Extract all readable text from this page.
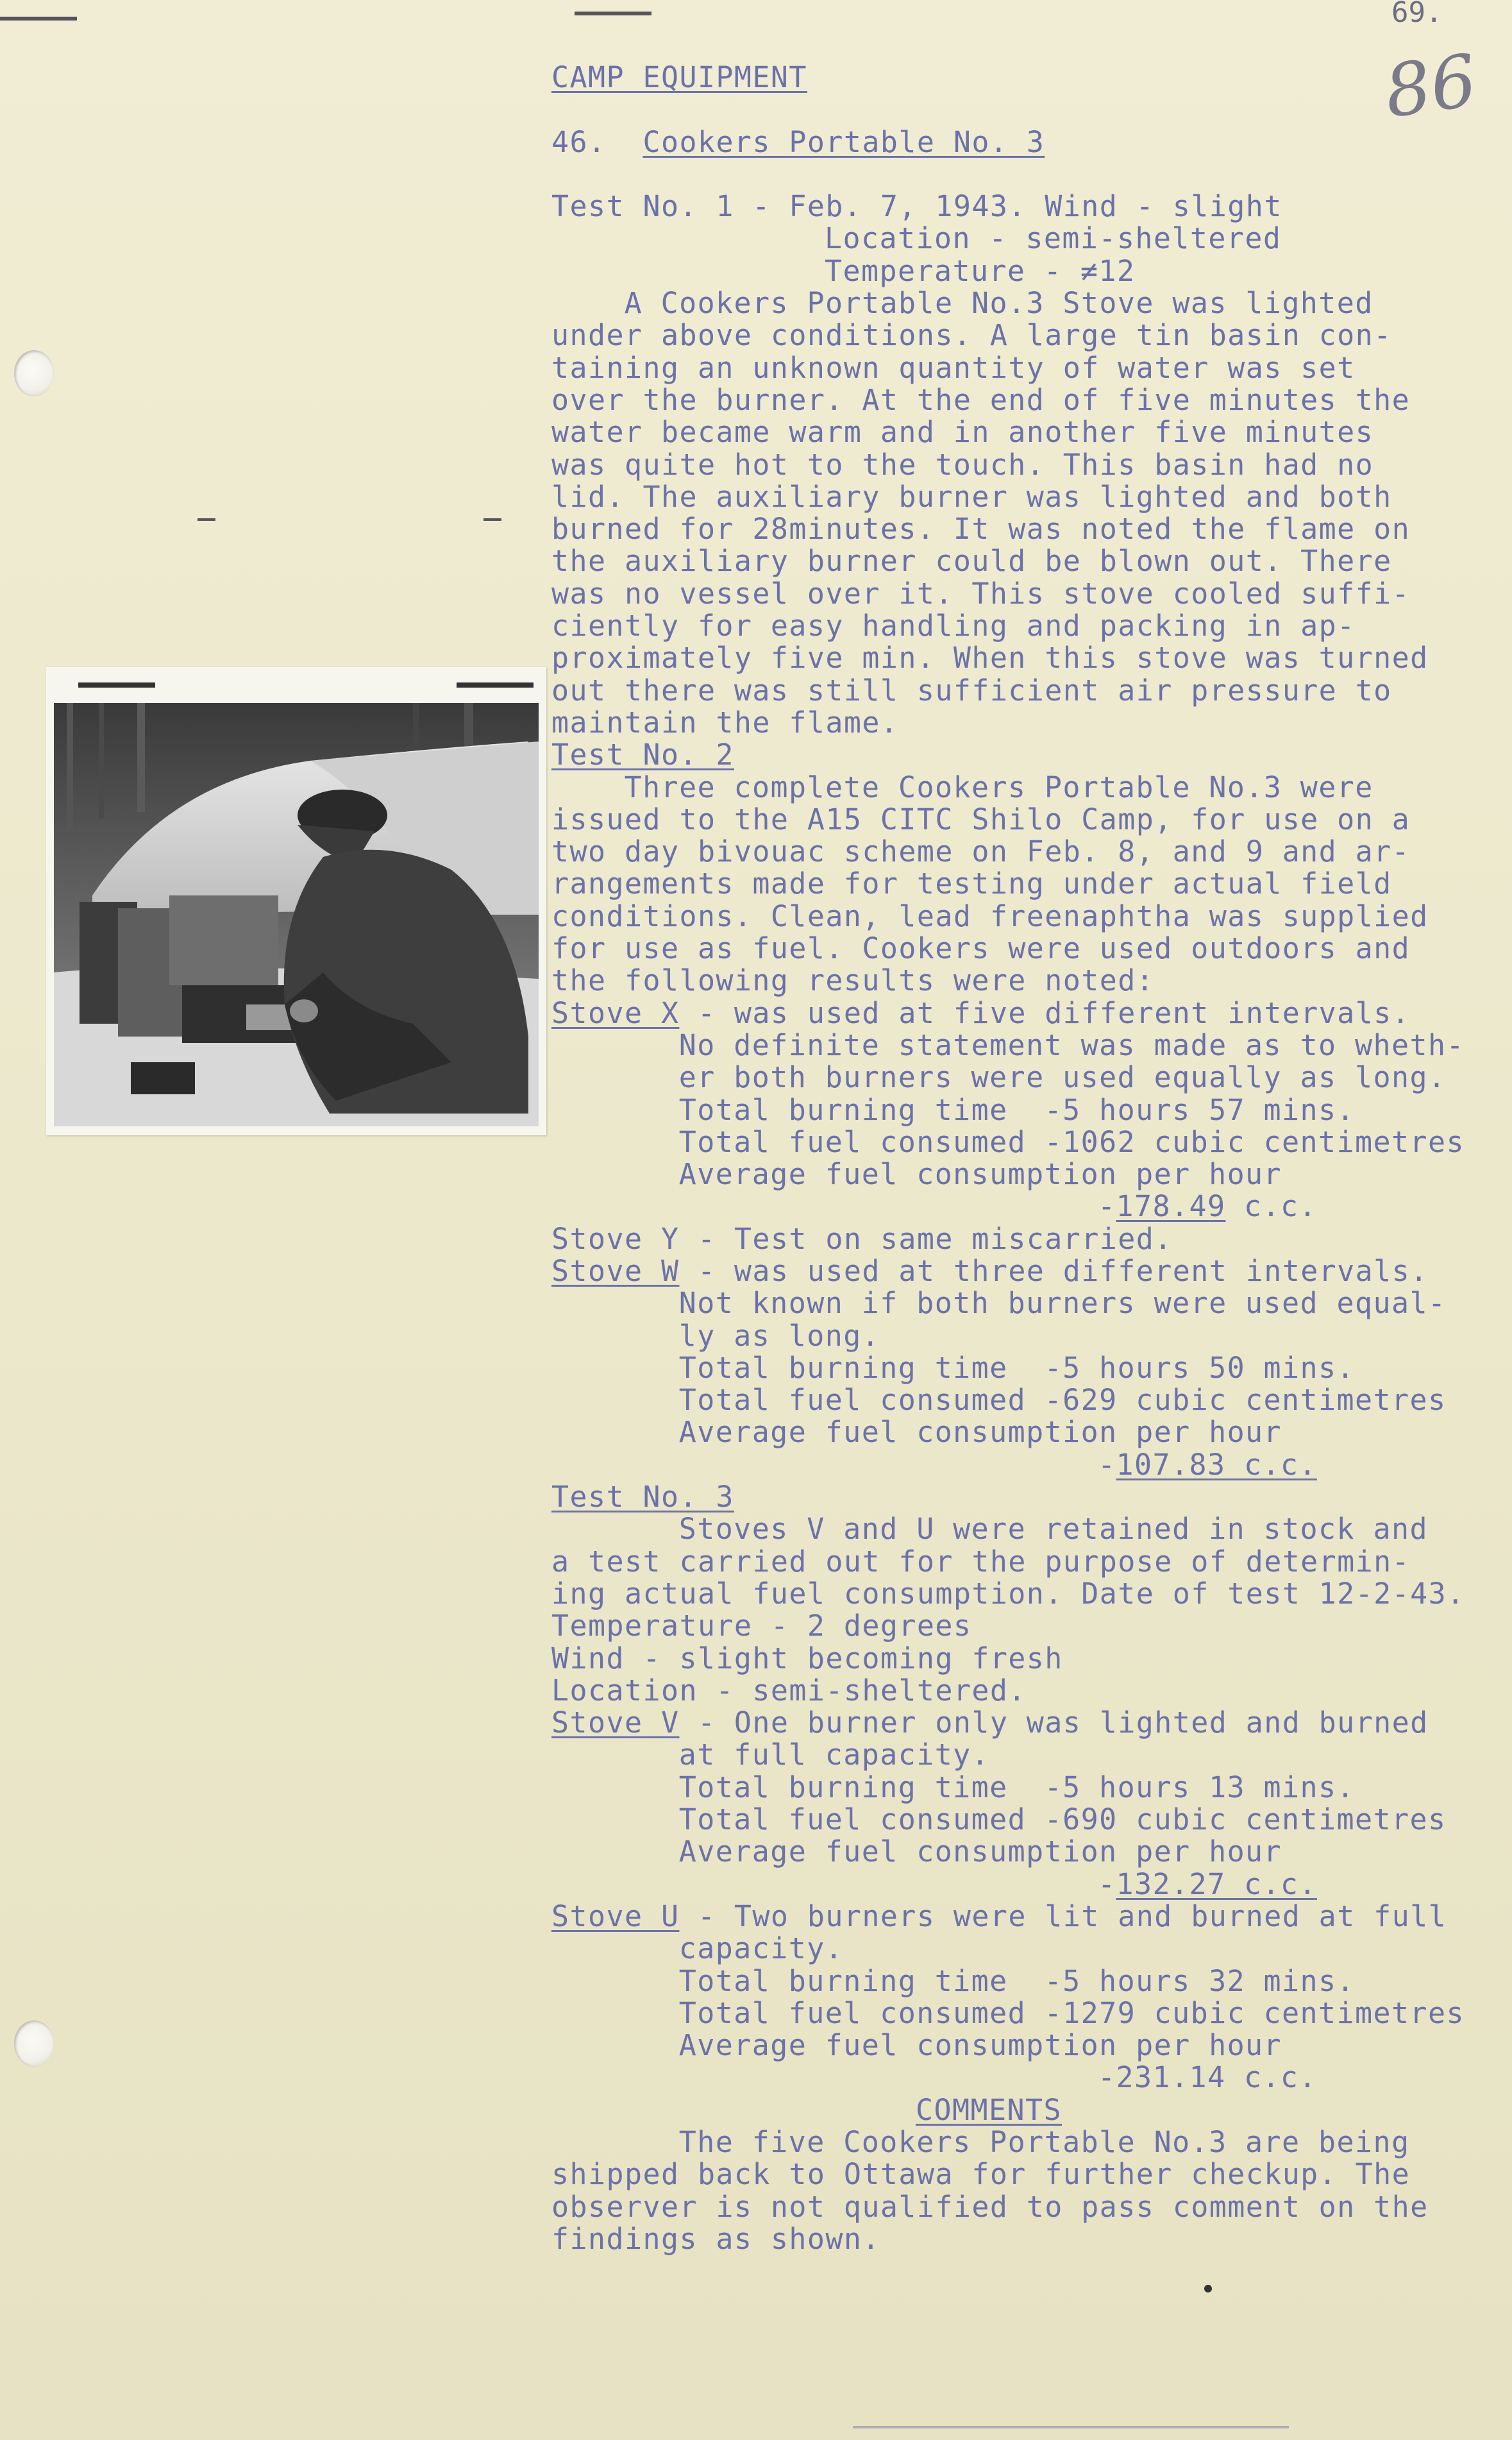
69.
86
CAMP EQUIPMENT
46.  Cookers Portable No. 3
Test No. 1 - Feb. 7, 1943. Wind - slight
Location - semi-sheltered
Temperature - ≠12
A Cookers Portable No.3 Stove was lighted
under above conditions. A large tin basin con-
taining an unknown quantity of water was set
over the burner. At the end of five minutes the
water became warm and in another five minutes
was quite hot to the touch. This basin had no
lid. The auxiliary burner was lighted and both
burned for 28minutes. It was noted the flame on
the auxiliary burner could be blown out. There
was no vessel over it. This stove cooled suffi-
ciently for easy handling and packing in ap-
proximately five min. When this stove was turned
out there was still sufficient air pressure to
maintain the flame.
Test No. 2
Three complete Cookers Portable No.3 were
issued to the A15 CITC Shilo Camp, for use on a
two day bivouac scheme on Feb. 8, and 9 and ar-
rangements made for testing under actual field
conditions. Clean, lead freenaphtha was supplied
for use as fuel. Cookers were used outdoors and
the following results were noted:
Stove X - was used at five different intervals.
No definite statement was made as to wheth-
er both burners were used equally as long.
Total burning time  -5 hours 57 mins.
Total fuel consumed -1062 cubic centimetres
Average fuel consumption per hour
-178.49 c.c.
Stove Y - Test on same miscarried.
Stove W - was used at three different intervals.
Not known if both burners were used equal-
ly as long.
Total burning time  -5 hours 50 mins.
Total fuel consumed -629 cubic centimetres
Average fuel consumption per hour
-107.83 c.c.
Test No. 3
Stoves V and U were retained in stock and
a test carried out for the purpose of determin-
ing actual fuel consumption. Date of test 12-2-43.
Temperature - 2 degrees
Wind - slight becoming fresh
Location - semi-sheltered.
Stove V - One burner only was lighted and burned
at full capacity.
Total burning time  -5 hours 13 mins.
Total fuel consumed -690 cubic centimetres
Average fuel consumption per hour
-132.27 c.c.
Stove U - Two burners were lit and burned at full
capacity.
Total burning time  -5 hours 32 mins.
Total fuel consumed -1279 cubic centimetres
Average fuel consumption per hour
-231.14 c.c.
COMMENTS
The five Cookers Portable No.3 are being
shipped back to Ottawa for further checkup. The
observer is not qualified to pass comment on the
findings as shown.
